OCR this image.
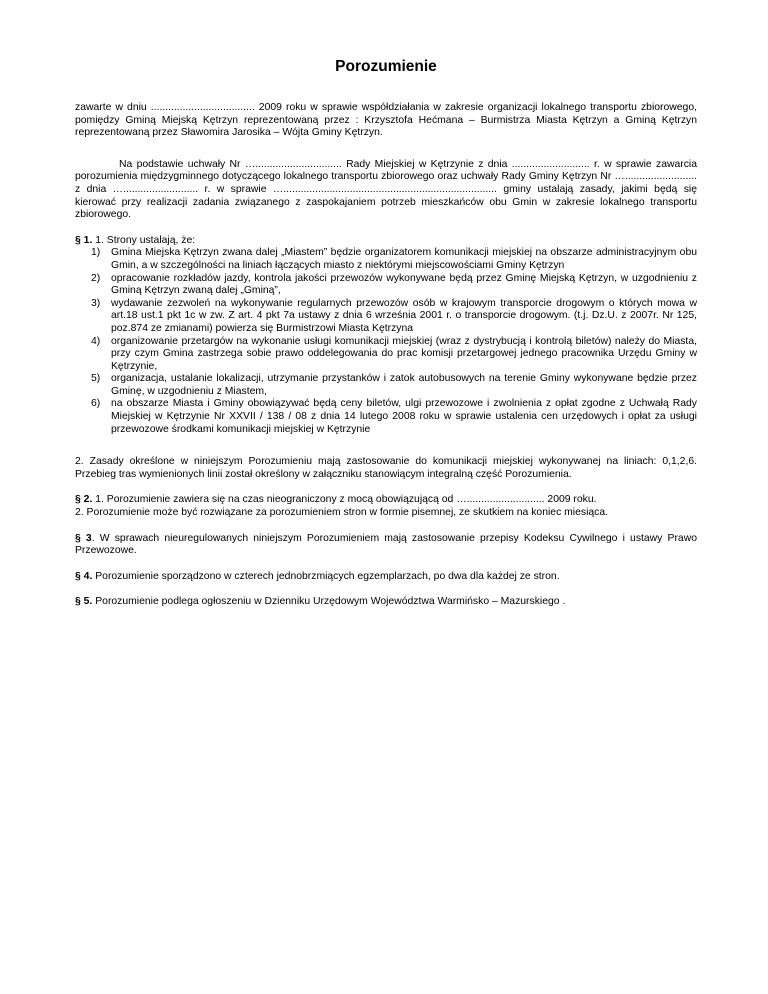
Porozumienie

zawarte w dniu .................................... 2009 roku w sprawie współdziałania w zakresie organizacji lokalnego transportu zbiorowego, pomiędzy Gminą Miejską Kętrzyn reprezentowaną przez : Krzysztofa Hećmana – Burmistrza Miasta Kętrzyn a Gminą Kętrzyn reprezentowaną przez Sławomira Jarosika – Wójta Gminy Kętrzyn.

Na podstawie uchwały Nr ….............................. Rady Miejskiej w Kętrzynie z dnia ........................... r. w sprawie zawarcia porozumienia międzygminnego dotyczącego lokalnego transportu zbiorowego oraz uchwały Rady Gminy Kętrzyn Nr …......................... z dnia ….......................... r. w sprawie ….......................................................................... gminy ustalają zasady, jakimi będą się kierować przy realizacji zadania związanego z zaspokajaniem potrzeb mieszkańców obu Gmin w zakresie lokalnego transportu zbiorowego.

§ 1. 1. Strony ustalają, że:

1) Gmina Miejska Kętrzyn zwana dalej „Miastem” będzie organizatorem komunikacji miejskiej na obszarze administracyjnym obu Gmin, a w szczególności na liniach łączących miasto z niektórymi miejscowościami Gminy Kętrzyn
2) opracowanie rozkładów jazdy, kontrola jakości przewozów wykonywane będą przez Gminę Miejską Kętrzyn, w uzgodnieniu z Gminą Kętrzyn zwaną dalej „Gminą”,
3) wydawanie zezwoleń na wykonywanie regularnych przewozów osób w krajowym transporcie drogowym o których mowa w art.18 ust.1 pkt 1c w zw. Z art. 4 pkt 7a ustawy z dnia 6 września 2001 r. o transporcie drogowym. (t.j. Dz.U. z 2007r. Nr 125, poz.874 ze zmianami) powierza się Burmistrzowi Miasta Kętrzyna
4) organizowanie przetargów na wykonanie usługi komunikacji miejskiej (wraz z dystrybucją i kontrolą biletów) należy do Miasta, przy czym Gmina zastrzega sobie prawo oddelegowania do prac komisji przetargowej jednego pracownika Urzędu Gminy w Kętrzynie,
5) organizacja, ustalanie lokalizacji, utrzymanie przystanków i zatok autobusowych na terenie Gminy wykonywane będzie przez Gminę, w uzgodnieniu z Miastem,
6) na obszarze Miasta i Gminy obowiązywać będą ceny biletów, ulgi przewozowe i zwolnienia z opłat zgodne z Uchwałą Rady Miejskiej w Kętrzynie Nr XXVII / 138 / 08 z dnia 14 lutego 2008 roku w sprawie ustalenia cen urzędowych i opłat za usługi przewozowe środkami komunikacji miejskiej w Kętrzynie

2. Zasady określone w niniejszym Porozumieniu mają zastosowanie do komunikacji miejskiej wykonywanej na liniach: 0,1,2,6. Przebieg tras wymienionych linii został określony w załączniku stanowiącym integralną część Porozumienia.

§ 2. 1. Porozumienie zawiera się na czas nieograniczony z mocą obowiązującą od …........................... 2009 roku.
2. Porozumienie może być rozwiązane za porozumieniem stron w formie pisemnej, ze skutkiem na koniec miesiąca.

§ 3. W sprawach nieuregulowanych niniejszym Porozumieniem mają zastosowanie przepisy Kodeksu Cywilnego i ustawy Prawo Przewozowe.

§ 4. Porozumienie sporządzono w czterech jednobrzmiących egzemplarzach, po dwa dla każdej ze stron.

§ 5. Porozumienie podlega ogłoszeniu w Dzienniku Urzędowym Województwa Warmińsko – Mazurskiego .
